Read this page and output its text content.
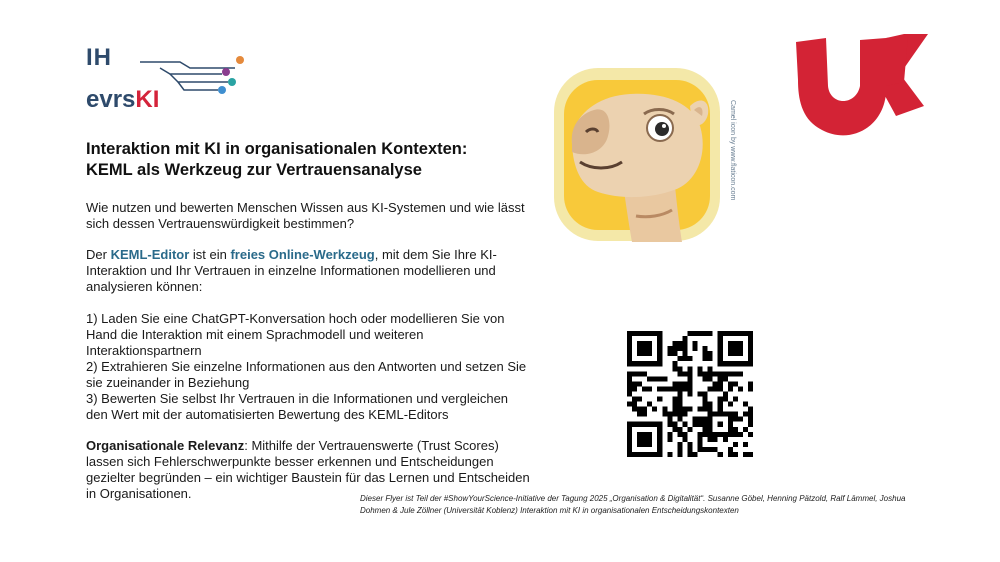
IH
evrsKI
Interaktion mit KI in organisationalen Kontexten:
KEML als Werkzeug zur Vertrauensanalyse
Wie nutzen und bewerten Menschen Wissen aus KI-Systemen und wie lässt sich dessen Vertrauenswürdigkeit bestimmen?
Der KEML-Editor ist ein freies Online-Werkzeug, mit dem Sie Ihre KI-Interaktion und Ihr Vertrauen in einzelne Informationen modellieren und analysieren können:
1) Laden Sie eine ChatGPT-Konversation hoch oder modellieren Sie von Hand die Interaktion mit einem Sprachmodell und weiteren Interaktionspartnern
2) Extrahieren Sie einzelne Informationen aus den Antworten und setzen Sie sie zueinander in Beziehung
3) Bewerten Sie selbst Ihr Vertrauen in die Informationen und vergleichen den Wert mit der automatisierten Bewertung des KEML-Editors
Organisationale Relevanz: Mithilfe der Vertrauenswerte (Trust Scores) lassen sich Fehlerschwerpunkte besser erkennen und Entscheidungen gezielter begründen – ein wichtiger Baustein für das Lernen und Entscheiden in Organisationen.
Camel icon by www.flaticon.com
Dieser Flyer ist Teil der #ShowYourScience-Initiative der Tagung 2025 „Organisation & Digitalität“. Susanne Göbel, Henning Pätzold, Ralf Lämmel, Joshua Dohmen & Jule Zöllner (Universität Koblenz) Interaktion mit KI in organisationalen Entscheidungskontexten
